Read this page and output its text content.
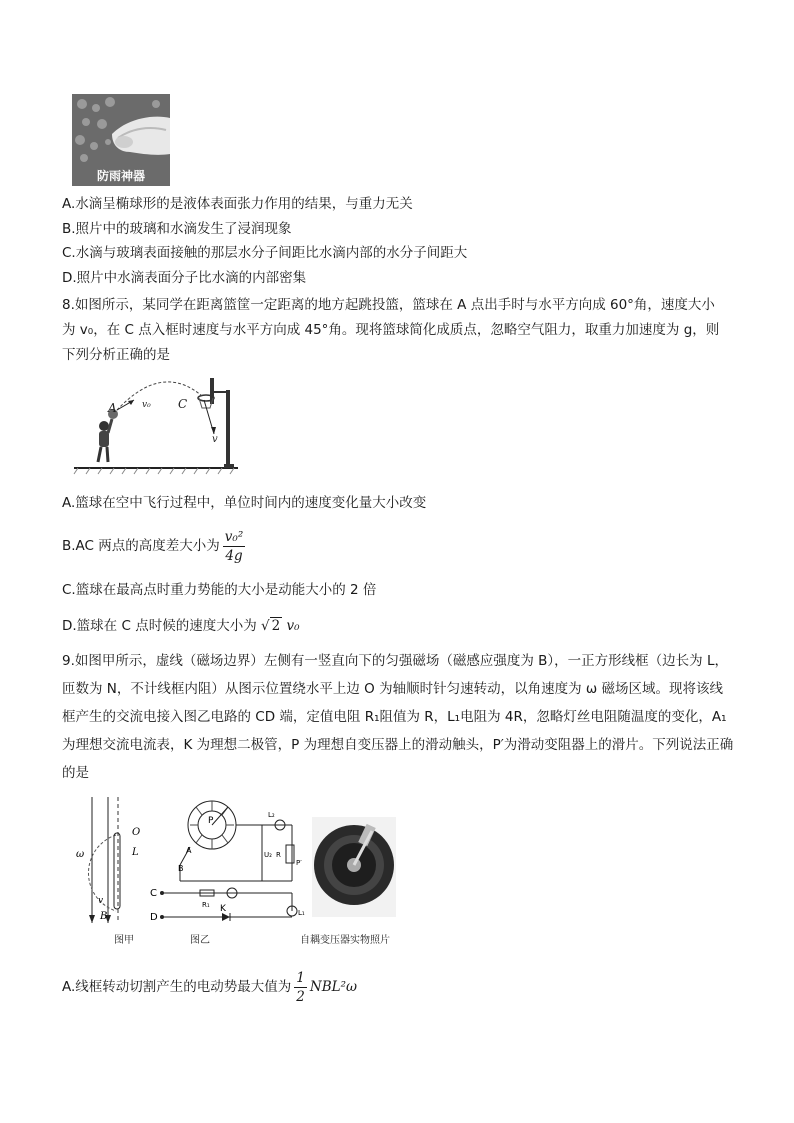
防雨神器
A.水滴呈椭球形的是液体表面张力作用的结果，与重力无关
B.照片中的玻璃和水滴发生了浸润现象
C.水滴与玻璃表面接触的那层水分子间距比水滴内部的水分子间距大
D.照片中水滴表面分子比水滴的内部密集
8.如图所示，某同学在距离篮筐一定距离的地方起跳投篮，篮球在 A 点出手时与水平方向成 60°角，速度大小
为 v₀，在 C 点入框时速度与水平方向成 45°角。现将篮球简化成质点，忽略空气阻力，取重力加速度为 g，则
下列分析正确的是
A	v₀ C
v
A.篮球在空中飞行过程中，单位时间内的速度变化量大小改变
B.AC 两点的高度差大小为 $\frac{\text{v₀²}}{4g}$
C.篮球在最高点时重力势能的大小是动能大小的 2 倍
D.篮球在 C 点时候的速度大小为 √ 2 v₀
9.如图甲所示，虚线（磁场边界）左侧有一竖直向下的匀强磁场（磁感应强度为 B），一正方形线框（边长为 L，匝数为 N，不计线框内阻）从图示位置绕水平上边 O 为轴顺时针匀速转动，以角速度为 ω 磁场区域。现将该线框产生的交流电接入图乙电路的 CD 端，定值电阻 R₁阻值为 R，L₁电阻为 4R，忽略灯丝电阻随温度的变化，A₁为理想交流电流表，K 为理想二极管，P 为理想自变压器上的滑动触头，P′为滑动变阻器上的滑片。下列说法正确的是
ω
O
L
v
B
C
D
K
R₁
L₁
L₂
R
P
P′
U₂
A
B
图甲	图乙	自耦变压器实物照片
A.线框转动切割产生的电动势最大值为 $\frac{1}{2} NBL^2\omega$
